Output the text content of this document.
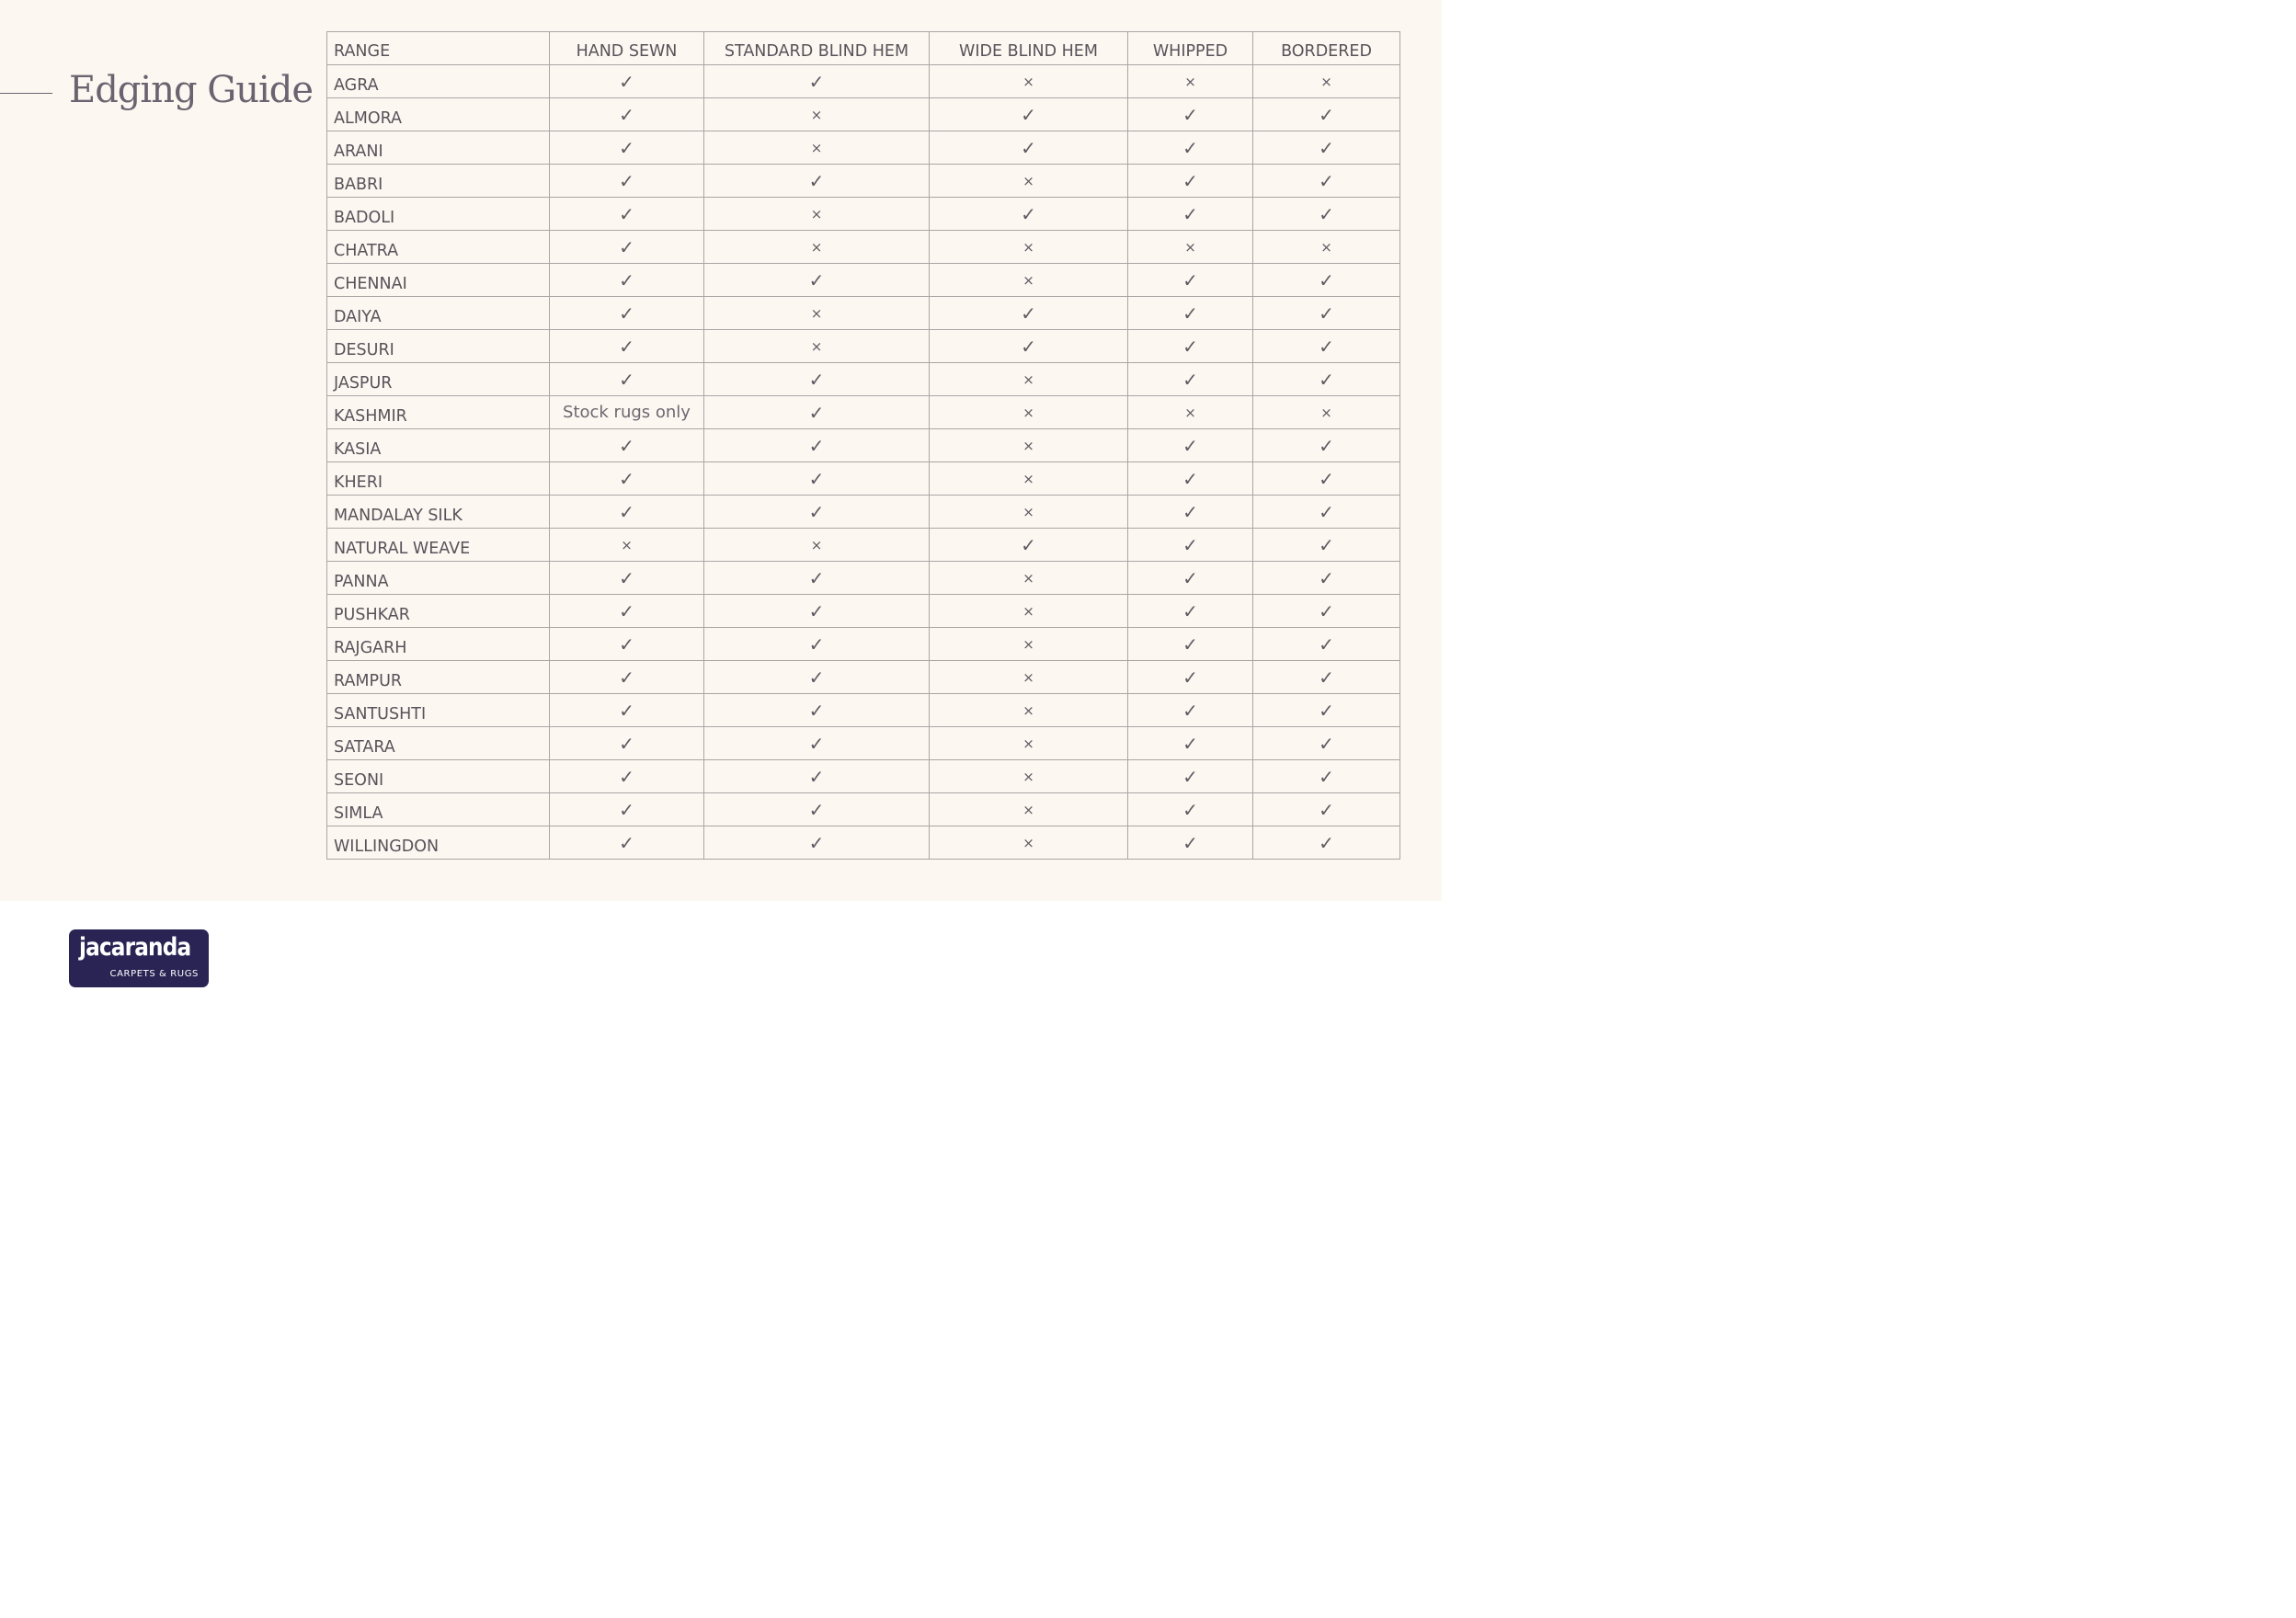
Edging Guide
RANGE	HAND SEWN	STANDARD BLIND HEM	WIDE BLIND HEM	WHIPPED	BORDERED
AGRA	✓	✓	×	×	×
ALMORA	✓	×	✓	✓	✓
ARANI	✓	×	✓	✓	✓
BABRI	✓	✓	×	✓	✓
BADOLI	✓	×	✓	✓	✓
CHATRA	✓	×	×	×	×
CHENNAI	✓	✓	×	✓	✓
DAIYA	✓	×	✓	✓	✓
DESURI	✓	×	✓	✓	✓
JASPUR	✓	✓	×	✓	✓
KASHMIR	Stock rugs only	✓	×	×	×
KASIA	✓	✓	×	✓	✓
KHERI	✓	✓	×	✓	✓
MANDALAY SILK	✓	✓	×	✓	✓
NATURAL WEAVE	×	×	✓	✓	✓
PANNA	✓	✓	×	✓	✓
PUSHKAR	✓	✓	×	✓	✓
RAJGARH	✓	✓	×	✓	✓
RAMPUR	✓	✓	×	✓	✓
SANTUSHTI	✓	✓	×	✓	✓
SATARA	✓	✓	×	✓	✓
SEONI	✓	✓	×	✓	✓
SIMLA	✓	✓	×	✓	✓
WILLINGDON	✓	✓	×	✓	✓
jacaranda
CARPETS & RUGS
